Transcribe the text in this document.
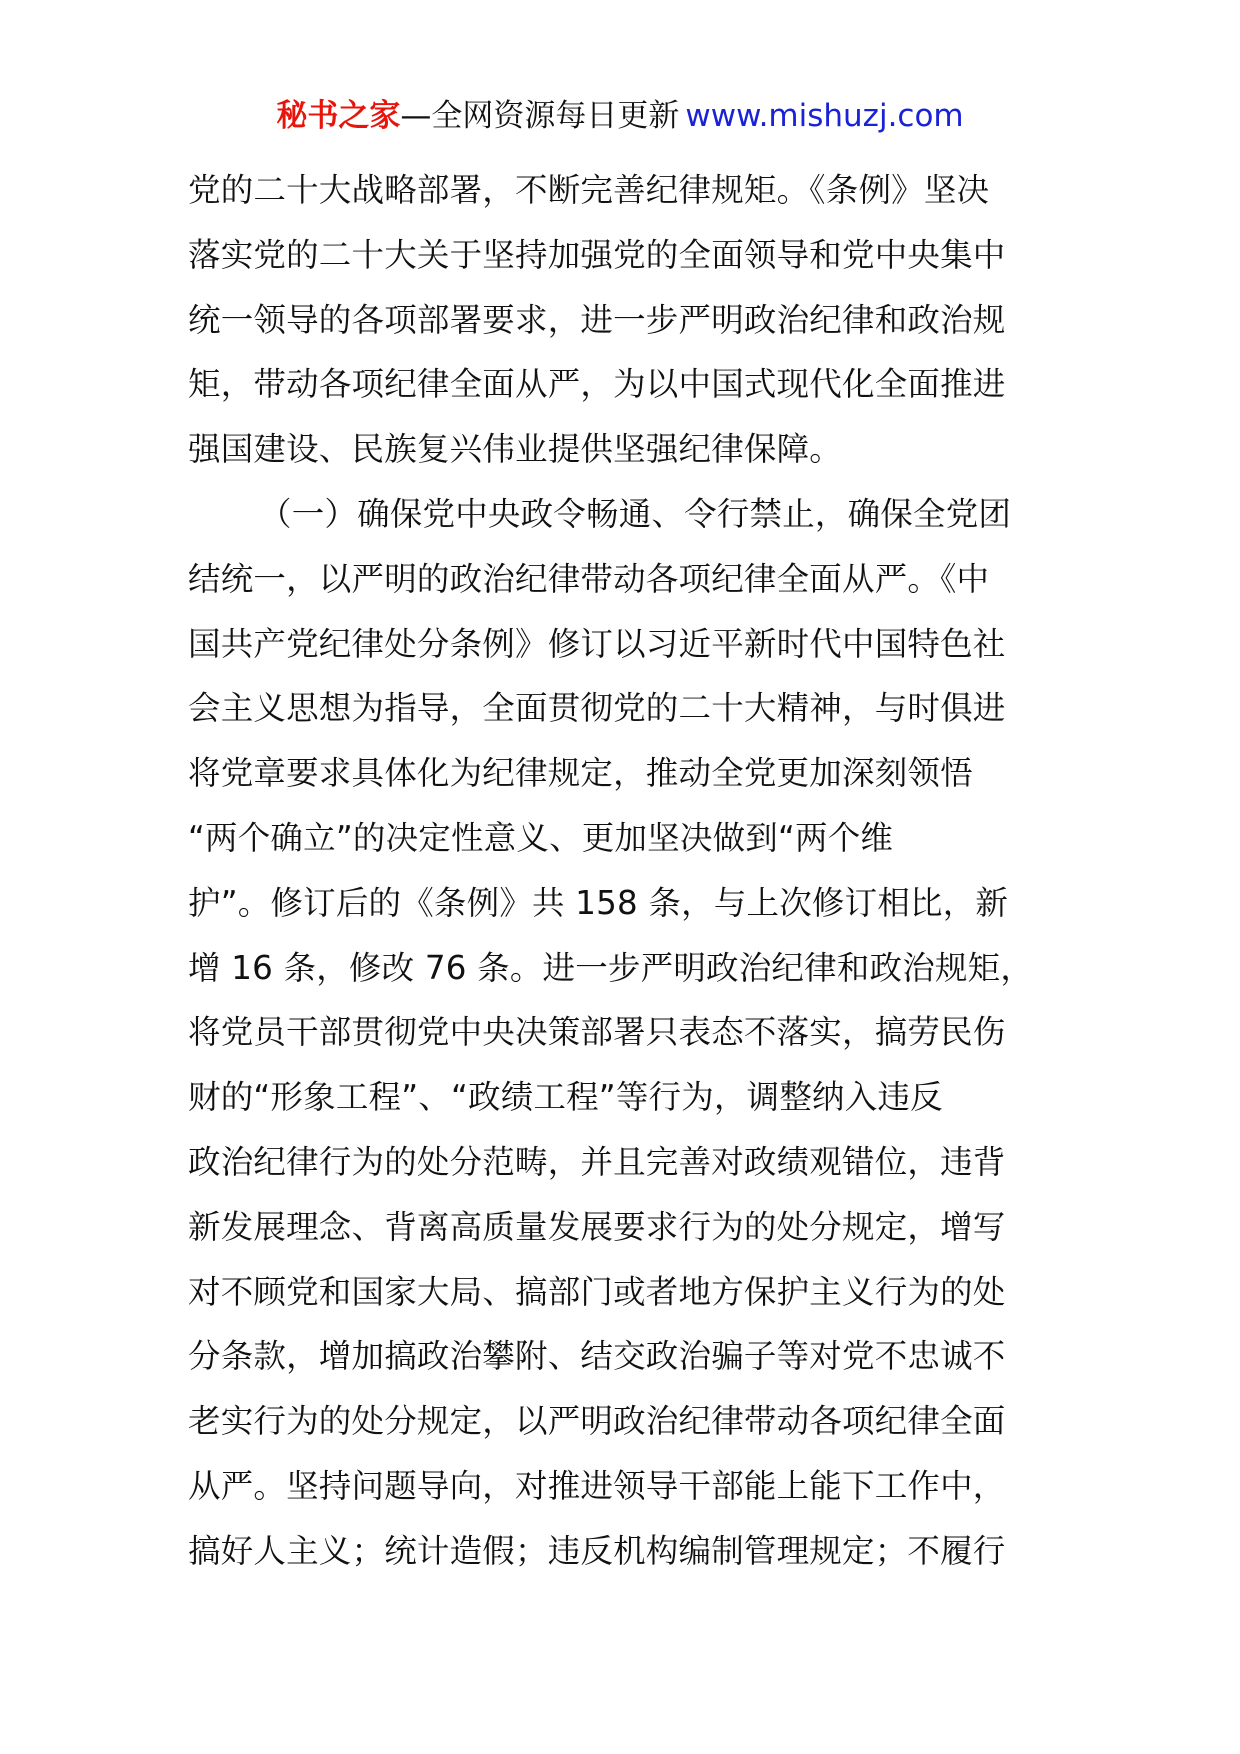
秘书之家—全网资源每日更新 www.mishuzj.com

党的二十大战略部署，不断完善纪律规矩。《条例》坚决
落实党的二十大关于坚持加强党的全面领导和党中央集中
统一领导的各项部署要求，进一步严明政治纪律和政治规
矩，带动各项纪律全面从严，为以中国式现代化全面推进
强国建设、民族复兴伟业提供坚强纪律保障。

（一）确保党中央政令畅通、令行禁止，确保全党团
结统一，以严明的政治纪律带动各项纪律全面从严。《中
国共产党纪律处分条例》修订以习近平新时代中国特色社
会主义思想为指导，全面贯彻党的二十大精神，与时俱进
将党章要求具体化为纪律规定，推动全党更加深刻领悟
“两个确立”的决定性意义、更加坚决做到“两个维
护”。修订后的《条例》共 158 条，与上次修订相比，新
增 16 条，修改 76 条。进一步严明政治纪律和政治规矩，
将党员干部贯彻党中央决策部署只表态不落实，搞劳民伤
财的“形象工程”、“政绩工程”等行为，调整纳入违反
政治纪律行为的处分范畴，并且完善对政绩观错位，违背
新发展理念、背离高质量发展要求行为的处分规定，增写
对不顾党和国家大局、搞部门或者地方保护主义行为的处
分条款，增加搞政治攀附、结交政治骗子等对党不忠诚不
老实行为的处分规定，以严明政治纪律带动各项纪律全面
从严。坚持问题导向，对推进领导干部能上能下工作中，
搞好人主义；统计造假；违反机构编制管理规定；不履行
